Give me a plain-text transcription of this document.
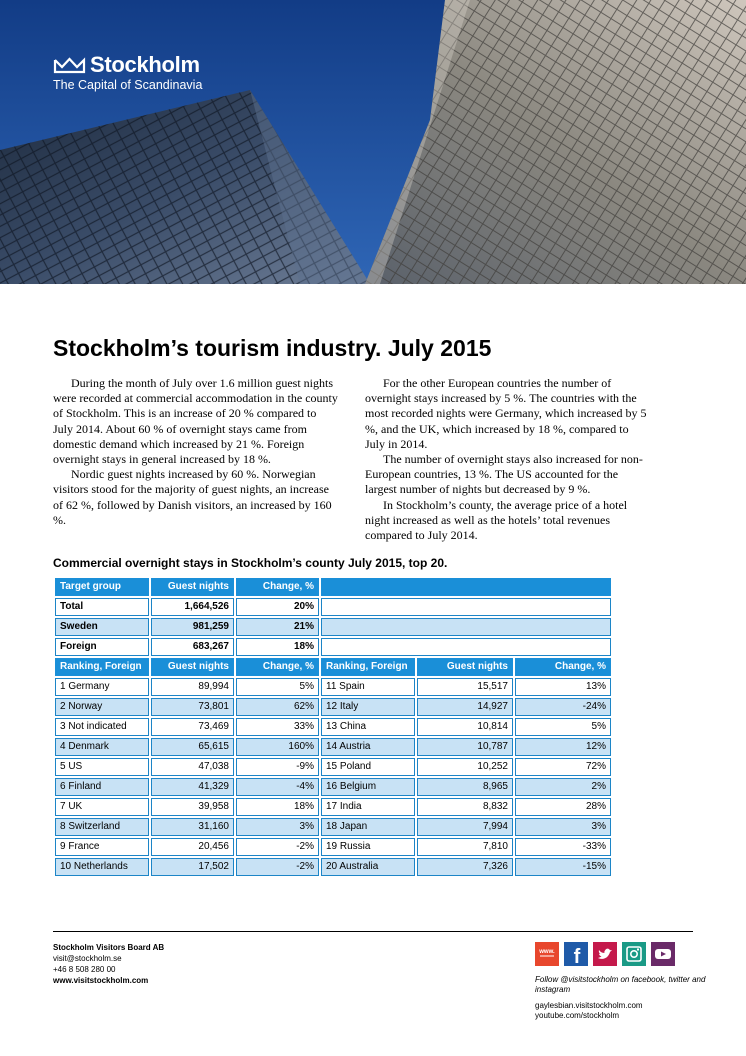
Stockholm
The Capital of Scandinavia
Stockholm’s tourism industry. July 2015

During the month of July over 1.6 million guest nights were recorded at commercial accommodation in the county of Stockholm. This is an increase of 20 % compared to July 2014. About 60 % of overnight stays came from domestic demand which increased by 21 %. Foreign overnight stays in general increased by 18 %.

Nordic guest nights increased by 60 %. Norwegian visitors stood for the majority of guest nights, an increase of 62 %, followed by Danish visitors, an increased by 160 %.

For the other European countries the number of overnight stays increased by 5 %. The countries with the most recorded nights were Germany, which increased by 5 %, and the UK, which increased by 18 %, compared to July in 2014.

The number of overnight stays also increased for non-European countries, 13 %. The US accounted for the largest number of nights but decreased by 9 %.

In Stockholm’s county, the average price of a hotel night increased as well as the hotels’ total revenues compared to July 2014.

Commercial overnight stays in Stockholm’s county July 2015, top 20.
Target group	Guest nights	Change, %			
Total	1,664,526	20%			
Sweden	981,259	21%			
Foreign	683,267	18%			
Ranking, Foreign	Guest nights	Change, %	Ranking, Foreign	Guest nights	Change, %
1 Germany	89,994	5%	11 Spain	15,517	13%
2 Norway	73,801	62%	12 Italy	14,927	-24%
3 Not indicated	73,469	33%	13 China	10,814	5%
4 Denmark	65,615	160%	14 Austria	10,787	12%
5 US	47,038	-9%	15 Poland	10,252	72%
6 Finland	41,329	-4%	16 Belgium	8,965	2%
7 UK	39,958	18%	17 India	8,832	28%
8 Switzerland	31,160	3%	18 Japan	7,994	3%
9 France	20,456	-2%	19 Russia	7,810	-33%
10 Netherlands	17,502	-2%	20 Australia	7,326	-15%
Stockholm Visitors Board AB
visit@stockholm.se
+46 8 508 280 00
www.visitstockholm.com
www. f
Follow @visitstockholm on facebook, twitter and instagram
gaylesbian.visitstockholm.com
youtube.com/stockholm
